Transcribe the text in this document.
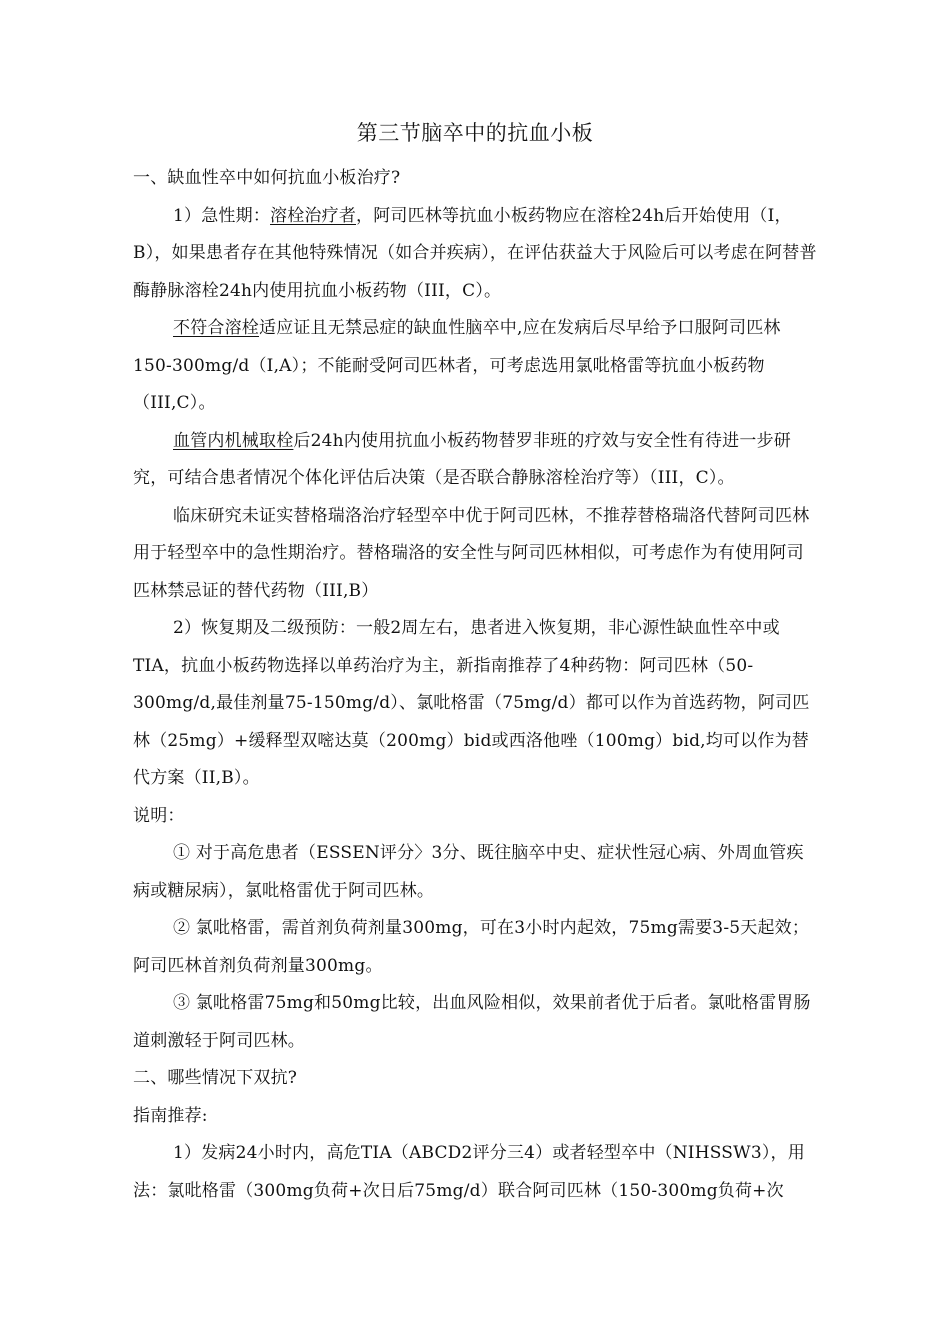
第三节脑卒中的抗血小板

一、缺血性卒中如何抗血小板治疗?

1）急性期：溶栓治疗者，阿司匹林等抗血小板药物应在溶栓24h后开始使用（I，B），如果患者存在其他特殊情况（如合并疾病），在评估获益大于风险后可以考虑在阿替普酶静脉溶栓24h内使用抗血小板药物（III，C）。

不符合溶栓适应证且无禁忌症的缺血性脑卒中,应在发病后尽早给予口服阿司匹林150-300mg/d（I,A）；不能耐受阿司匹林者，可考虑选用氯吡格雷等抗血小板药物（III,C）。

血管内机械取栓后24h内使用抗血小板药物替罗非班的疗效与安全性有待进一步研究，可结合患者情况个体化评估后决策（是否联合静脉溶栓治疗等）（III，C）。

临床研究未证实替格瑞洛治疗轻型卒中优于阿司匹林，不推荐替格瑞洛代替阿司匹林用于轻型卒中的急性期治疗。替格瑞洛的安全性与阿司匹林相似，可考虑作为有使用阿司匹林禁忌证的替代药物（III,B）

2）恢复期及二级预防：一般2周左右，患者进入恢复期，非心源性缺血性卒中或TIA，抗血小板药物选择以单药治疗为主，新指南推荐了4种药物：阿司匹林（50-300mg/d,最佳剂量75-150mg/d）、氯吡格雷（75mg/d）都可以作为首选药物，阿司匹林（25mg）+缓释型双嘧达莫（200mg）bid或西洛他唑（100mg）bid,均可以作为替代方案（II,B）。

说明：

① 对于高危患者（ESSEN评分〉3分、既往脑卒中史、症状性冠心病、外周血管疾病或糖尿病），氯吡格雷优于阿司匹林。

② 氯吡格雷，需首剂负荷剂量300mg，可在3小时内起效，75mg需要3-5天起效；阿司匹林首剂负荷剂量300mg。

③ 氯吡格雷75mg和50mg比较，出血风险相似，效果前者优于后者。氯吡格雷胃肠道刺激轻于阿司匹林。

二、哪些情况下双抗?

指南推荐:

1）发病24小时内，高危TIA（ABCD2评分三4）或者轻型卒中（NIHSSW3），用法：氯吡格雷（300mg负荷+次日后75mg/d）联合阿司匹林（150-300mg负荷+次
